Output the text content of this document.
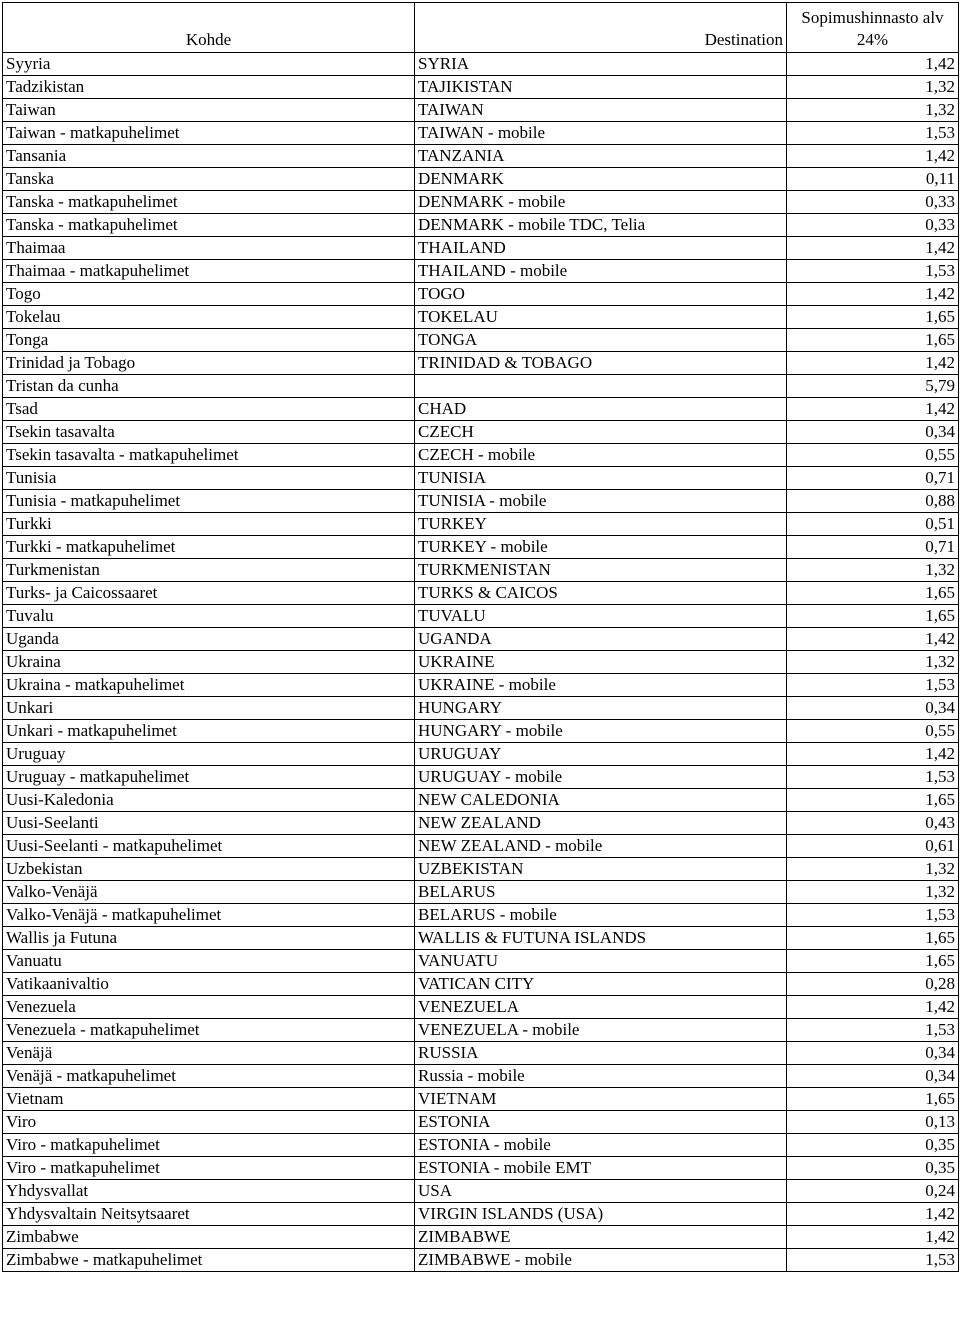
Kohde	Destination	Sopimushinnasto alv
24%

Syyria	SYRIA	1,42
Tadzikistan	TAJIKISTAN	1,32
Taiwan	TAIWAN	1,32
Taiwan - matkapuhelimet	TAIWAN - mobile	1,53
Tansania	TANZANIA	1,42
Tanska	DENMARK	0,11
Tanska - matkapuhelimet	DENMARK - mobile	0,33
Tanska - matkapuhelimet	DENMARK - mobile TDC, Telia	0,33
Thaimaa	THAILAND	1,42
Thaimaa - matkapuhelimet	THAILAND - mobile	1,53
Togo	TOGO	1,42
Tokelau	TOKELAU	1,65
Tonga	TONGA	1,65
Trinidad ja Tobago	TRINIDAD & TOBAGO	1,42
Tristan da cunha		5,79
Tsad	CHAD	1,42
Tsekin tasavalta	CZECH	0,34
Tsekin tasavalta - matkapuhelimet	CZECH - mobile	0,55
Tunisia	TUNISIA	0,71
Tunisia - matkapuhelimet	TUNISIA - mobile	0,88
Turkki	TURKEY	0,51
Turkki - matkapuhelimet	TURKEY - mobile	0,71
Turkmenistan	TURKMENISTAN	1,32
Turks- ja Caicossaaret	TURKS & CAICOS	1,65
Tuvalu	TUVALU	1,65
Uganda	UGANDA	1,42
Ukraina	UKRAINE	1,32
Ukraina - matkapuhelimet	UKRAINE - mobile	1,53
Unkari	HUNGARY	0,34
Unkari - matkapuhelimet	HUNGARY - mobile	0,55
Uruguay	URUGUAY	1,42
Uruguay - matkapuhelimet	URUGUAY - mobile	1,53
Uusi-Kaledonia	NEW CALEDONIA	1,65
Uusi-Seelanti	NEW ZEALAND	0,43
Uusi-Seelanti - matkapuhelimet	NEW ZEALAND - mobile	0,61
Uzbekistan	UZBEKISTAN	1,32
Valko-Venäjä	BELARUS	1,32
Valko-Venäjä - matkapuhelimet	BELARUS - mobile	1,53
Wallis ja Futuna	WALLIS & FUTUNA ISLANDS	1,65
Vanuatu	VANUATU	1,65
Vatikaanivaltio	VATICAN CITY	0,28
Venezuela	VENEZUELA	1,42
Venezuela - matkapuhelimet	VENEZUELA - mobile	1,53
Venäjä	RUSSIA	0,34
Venäjä - matkapuhelimet	Russia - mobile	0,34
Vietnam	VIETNAM	1,65
Viro	ESTONIA	0,13
Viro - matkapuhelimet	ESTONIA - mobile	0,35
Viro - matkapuhelimet	ESTONIA - mobile EMT	0,35
Yhdysvallat	USA	0,24
Yhdysvaltain Neitsytsaaret	VIRGIN ISLANDS (USA)	1,42
Zimbabwe	ZIMBABWE	1,42
Zimbabwe - matkapuhelimet	ZIMBABWE - mobile	1,53
